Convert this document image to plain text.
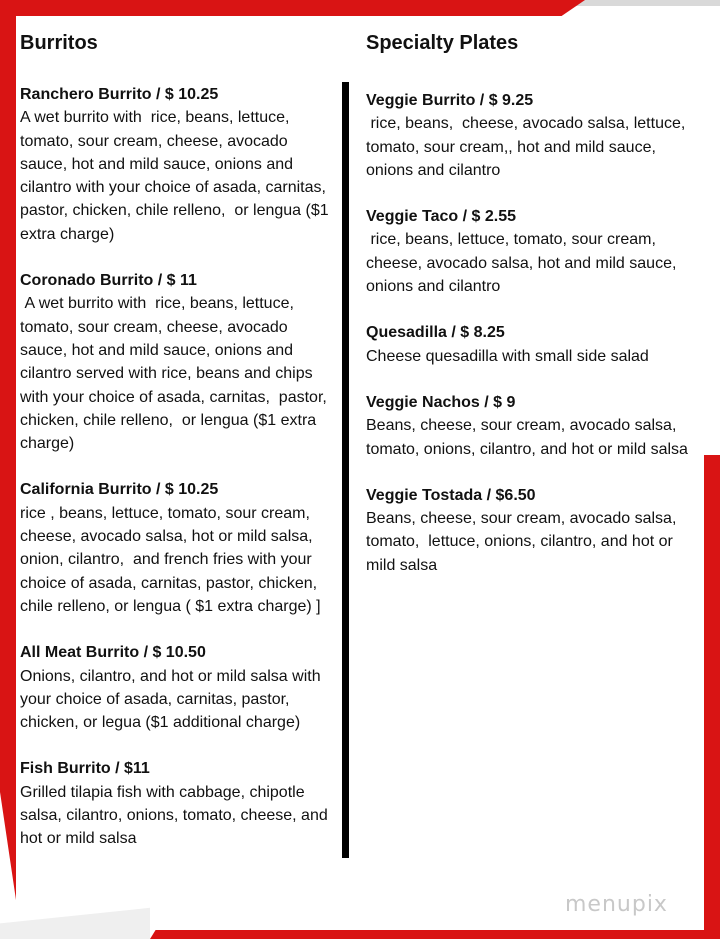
Burritos
Ranchero Burrito / $ 10.25
A wet burrito with  rice, beans, lettuce, tomato, sour cream, cheese, avocado sauce, hot and mild sauce, onions and cilantro with your choice of asada, carnitas, pastor, chicken, chile relleno,  or lengua ($1 extra charge)
Coronado Burrito / $ 11
A wet burrito with  rice, beans, lettuce, tomato, sour cream, cheese, avocado sauce, hot and mild sauce, onions and cilantro served with rice, beans and chips  with your choice of asada, carnitas,  pastor, chicken, chile relleno,  or lengua ($1 extra charge)
California Burrito / $ 10.25
rice , beans, lettuce, tomato, sour cream, cheese, avocado salsa, hot or mild salsa, onion, cilantro,  and french fries with your choice of asada, carnitas, pastor, chicken, chile relleno, or lengua ( $1 extra charge) ]
All Meat Burrito / $ 10.50
Onions, cilantro, and hot or mild salsa with your choice of asada, carnitas, pastor, chicken, or legua ($1 additional charge)
Fish Burrito / $11
Grilled tilapia fish with cabbage, chipotle salsa, cilantro, onions, tomato, cheese, and hot or mild salsa
Specialty Plates
Veggie Burrito / $ 9.25
rice, beans,  cheese, avocado salsa, lettuce, tomato, sour cream,, hot and mild sauce, onions and cilantro
Veggie Taco / $ 2.55
rice, beans, lettuce, tomato, sour cream, cheese, avocado salsa, hot and mild sauce, onions and cilantro
Quesadilla / $ 8.25
Cheese quesadilla with small side salad
Veggie Nachos / $ 9
Beans, cheese, sour cream, avocado salsa, tomato, onions, cilantro, and hot or mild salsa
Veggie Tostada / $6.50
Beans, cheese, sour cream, avocado salsa, tomato,  lettuce, onions, cilantro, and hot or mild salsa
menupix
